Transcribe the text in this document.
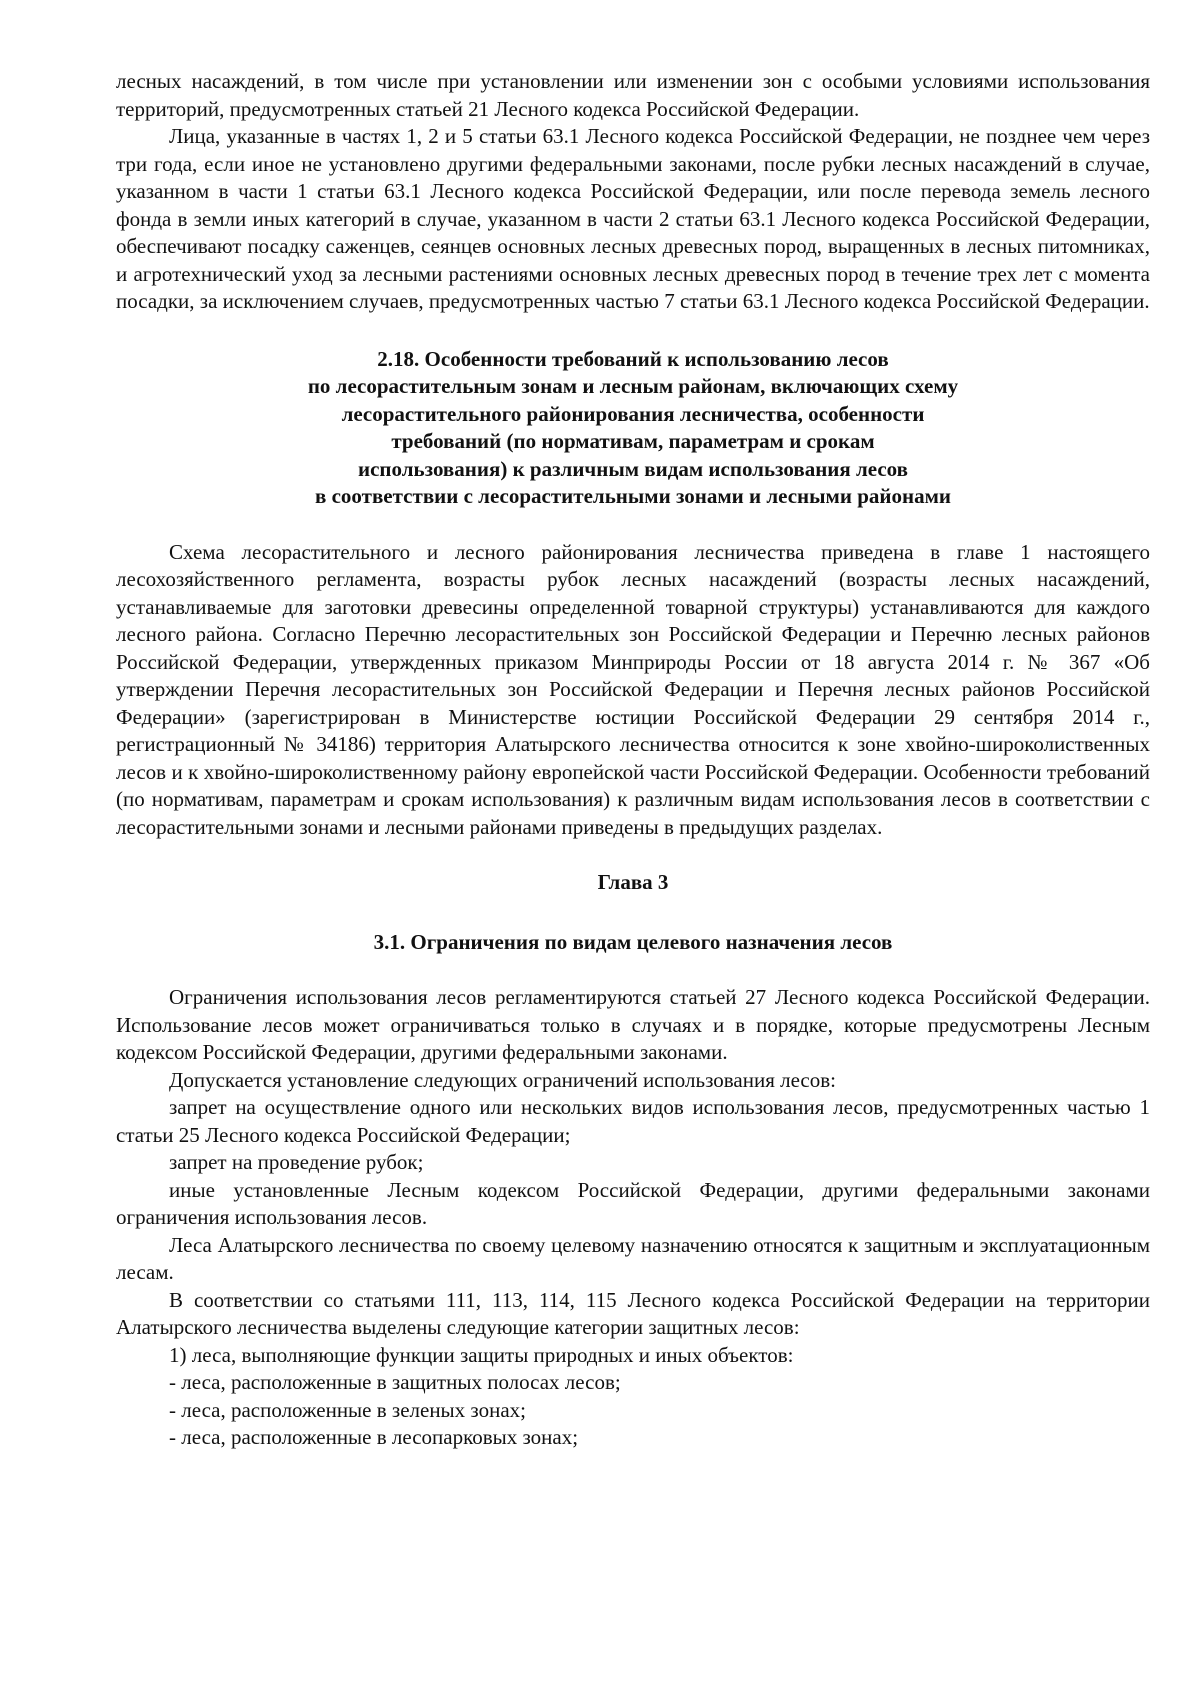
лесных насаждений, в том числе при установлении или изменении зон с особыми условиями использования территорий, предусмотренных статьей 21 Лесного кодекса Российской Федерации.

Лица, указанные в частях 1, 2 и 5 статьи 63.1 Лесного кодекса Российской Федерации, не позднее чем через три года, если иное не установлено другими федеральными законами, после рубки лесных насаждений в случае, указанном в части 1 статьи 63.1 Лесного кодекса Российской Федерации, или после перевода земель лесного фонда в земли иных категорий в случае, указанном в части 2 статьи 63.1 Лесного кодекса Российской Федерации, обеспечивают посадку саженцев, сеянцев основных лесных древесных пород, выращенных в лесных питомниках, и агротехнический уход за лесными растениями основных лесных древесных пород в течение трех лет с момента посадки, за исключением случаев, предусмотренных частью 7 статьи 63.1 Лесного кодекса Российской Федерации.

2.18. Особенности требований к использованию лесов
по лесорастительным зонам и лесным районам, включающих схему
лесорастительного районирования лесничества, особенности
требований (по нормативам, параметрам и срокам
использования) к различным видам использования лесов
в соответствии с лесорастительными зонами и лесными районами

Схема лесорастительного и лесного районирования лесничества приведена в главе 1 настоящего лесохозяйственного регламента, возрасты рубок лесных насаждений (возрасты лесных насаждений, устанавливаемые для заготовки древесины определенной товарной структуры) устанавливаются для каждого лесного района. Согласно Перечню лесорастительных зон Российской Федерации и Перечню лесных районов Российской Федерации, утвержденных приказом Минприроды России от 18 августа 2014 г. № 367 «Об утверждении Перечня лесорастительных зон Российской Федерации и Перечня лесных районов Российской Федерации» (зарегистрирован в Министерстве юстиции Российской Федерации 29 сентября 2014 г., регистрационный № 34186) территория Алатырского лесничества относится к зоне хвойно-широколиственных лесов и к хвойно-широколиственному району европейской части Российской Федерации. Особенности требований (по нормативам, параметрам и срокам использования) к различным видам использования лесов в соответствии с лесорастительными зонами и лесными районами приведены в предыдущих разделах.

Глава 3
3.1. Ограничения по видам целевого назначения лесов

Ограничения использования лесов регламентируются статьей 27 Лесного кодекса Российской Федерации. Использование лесов может ограничиваться только в случаях и в порядке, которые предусмотрены Лесным кодексом Российской Федерации, другими федеральными законами.

Допускается установление следующих ограничений использования лесов:

запрет на осуществление одного или нескольких видов использования лесов, предусмотренных частью 1 статьи 25 Лесного кодекса Российской Федерации;

запрет на проведение рубок;

иные установленные Лесным кодексом Российской Федерации, другими федеральными законами ограничения использования лесов.

Леса Алатырского лесничества по своему целевому назначению относятся к защитным и эксплуатационным лесам.

В соответствии со статьями 111, 113, 114, 115 Лесного кодекса Российской Федерации на территории Алатырского лесничества выделены следующие категории защитных лесов:

1) леса, выполняющие функции защиты природных и иных объектов:

- леса, расположенные в защитных полосах лесов;

- леса, расположенные в зеленых зонах;

- леса, расположенные в лесопарковых зонах;
